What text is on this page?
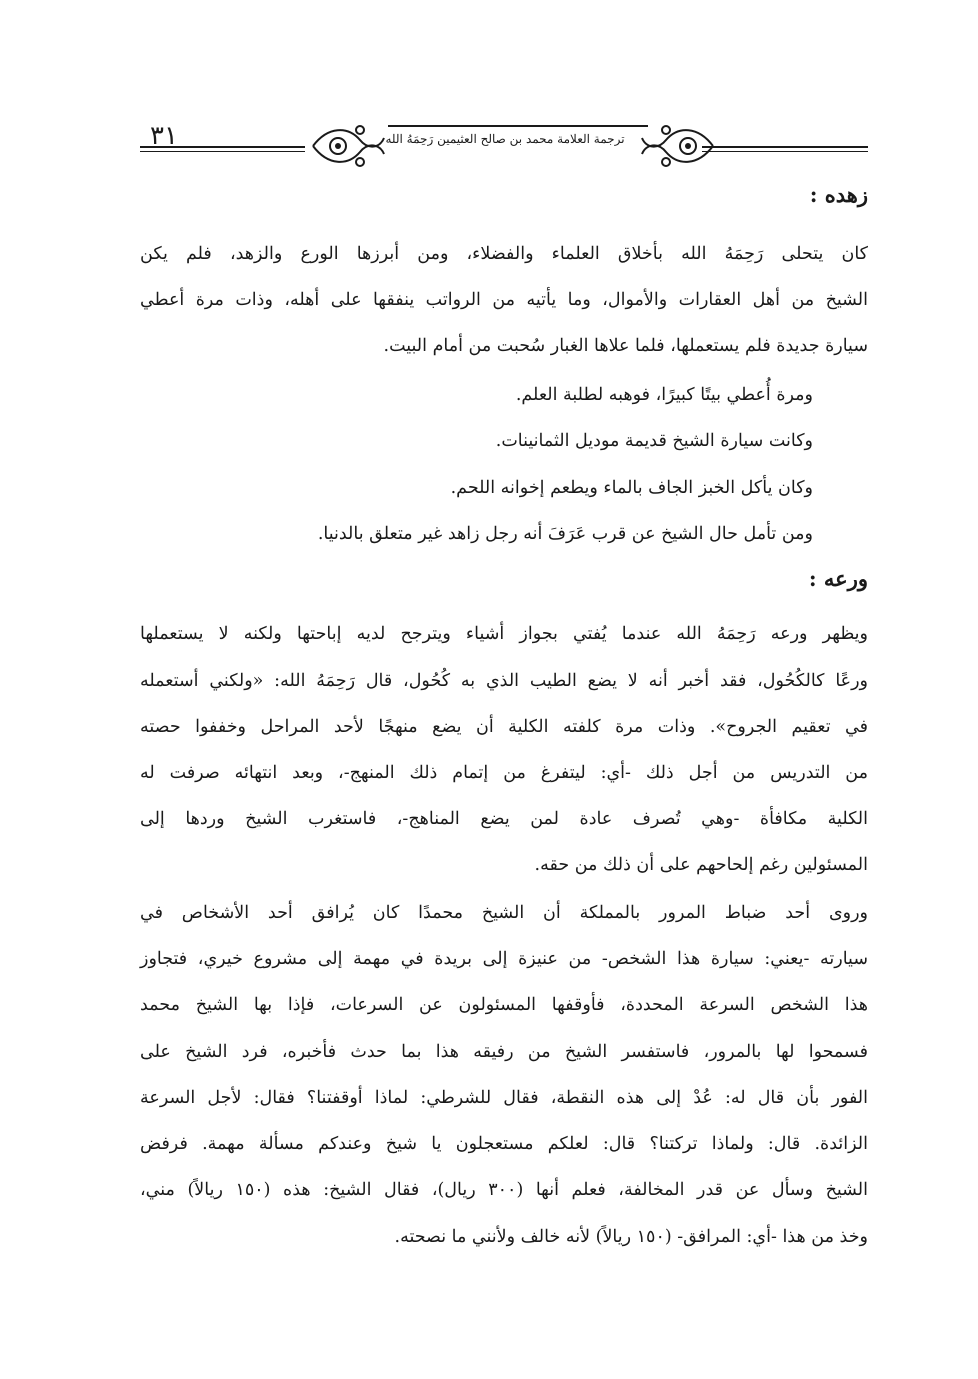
٣١	ترجمة العلامة محمد بن صالح العثيمين رَحِمَهُ الله
زهده :
كان يتحلى رَحِمَهُ الله بأخلاق العلماء والفضلاء، ومن أبرزها الورع والزهد، فلم يكن
الشيخ من أهل العقارات والأموال، وما يأتيه من الرواتب ينفقها على أهله، وذات مرة أعطي
سيارة جديدة فلم يستعملها، فلما علاها الغبار سُحبت من أمام البيت.
ومرة أُعطي بيتًا كبيرًا، فوهبه لطلبة العلم.
وكانت سيارة الشيخ قديمة موديل الثمانينات.
وكان يأكل الخبز الجاف بالماء ويطعم إخوانه اللحم.
ومن تأمل حال الشيخ عن قرب عَرَفَ أنه رجل زاهد غير متعلق بالدنيا.
ورعه :
ويظهر ورعه رَحِمَهُ الله عندما يُفتي بجواز أشياء ويترجح لديه إباحتها ولكنه لا يستعملها
ورعًا كالكُحُول، فقد أخبر أنه لا يضع الطيب الذي به كُحُول، قال رَحِمَهُ الله: «ولكني أستعمله
في تعقيم الجروح». وذات مرة كلفته الكلية أن يضع منهجًا لأحد المراحل وخففوا حصته
من التدريس من أجل ذلك -أي: ليتفرغ من إتمام ذلك المنهج-، وبعد انتهائه صرفت له
الكلية مكافأة -وهي تُصرف عادة لمن يضع المناهج-، فاستغرب الشيخ وردها إلى
المسئولين رغم إلحاحهم على أن ذلك من حقه.
وروى أحد ضباط المرور بالمملكة أن الشيخ محمدًا كان يُرافق أحد الأشخاص في
سيارته -يعني: سيارة هذا الشخص- من عنيزة إلى بريدة في مهمة إلى مشروع خيري، فتجاوز
هذا الشخص السرعة المحددة، فأوقفها المسئولون عن السرعات، فإذا بها الشيخ محمد
فسمحوا لها بالمرور، فاستفسر الشيخ من رفيقه هذا بما حدث فأخبره، فرد الشيخ على
الفور بأن قال له: عُدْ إلى هذه النقطة، فقال للشرطي: لماذا أوقفتنا؟ فقال: لأجل السرعة
الزائدة. قال: ولماذا تركتنا؟ قال: لعلكم مستعجلون يا شيخ وعندكم مسألة مهمة. فرفض
الشيخ وسأل عن قدر المخالفة، فعلم أنها (٣٠٠ ريال)، فقال الشيخ: هذه (١٥٠ ريالاً) مني،
وخذ من هذا -أي: المرافق- (١٥٠ ريالاً) لأنه خالف ولأنني ما نصحته.
